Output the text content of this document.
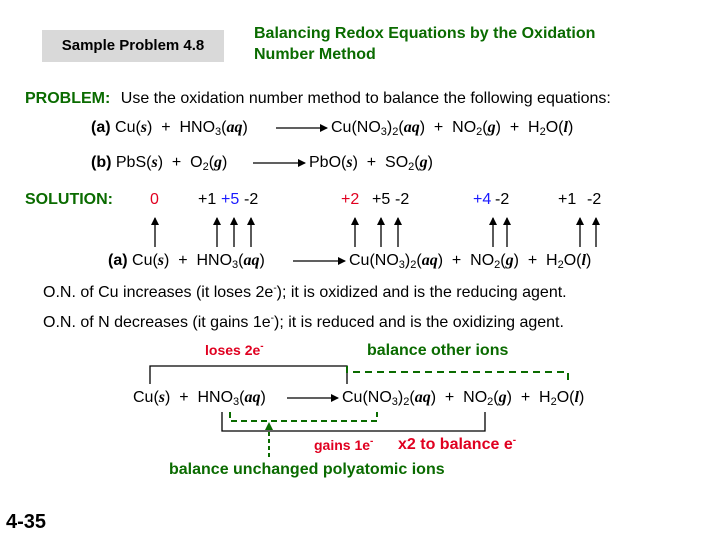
Sample Problem 4.8
Balancing Redox Equations by the Oxidation
Number Method
PROBLEM: Use the oxidation number method to balance the following equations:
(a) $Cu(s) + HNO_3(aq)$	$Cu(NO_3)_2(aq) + NO_2(g) + H_2O(l)$
(b) $PbS(s) + O_2(g)$	$PbO(s) + SO_2(g)$
SOLUTION: 0 +1 +5 -2	+2 +5 -2	+4 -2	+1 -2
(a) $Cu(s) + HNO_3(aq)$	$Cu(NO_3)_2(aq) + NO_2(g) + H_2O(l)$
O.N. of Cu increases (it loses 2e-); it is oxidized and is the reducing agent.
O.N. of N decreases (it gains 1e-); it is reduced and is the oxidizing agent.
loses 2e-	balance other ions
$Cu(s) + HNO_3(aq)$	$Cu(NO_3)_2(aq) + NO_2(g) + H_2O(l)$
gains 1e- x2 to balance e-
balance unchanged polyatomic ions
4-35
